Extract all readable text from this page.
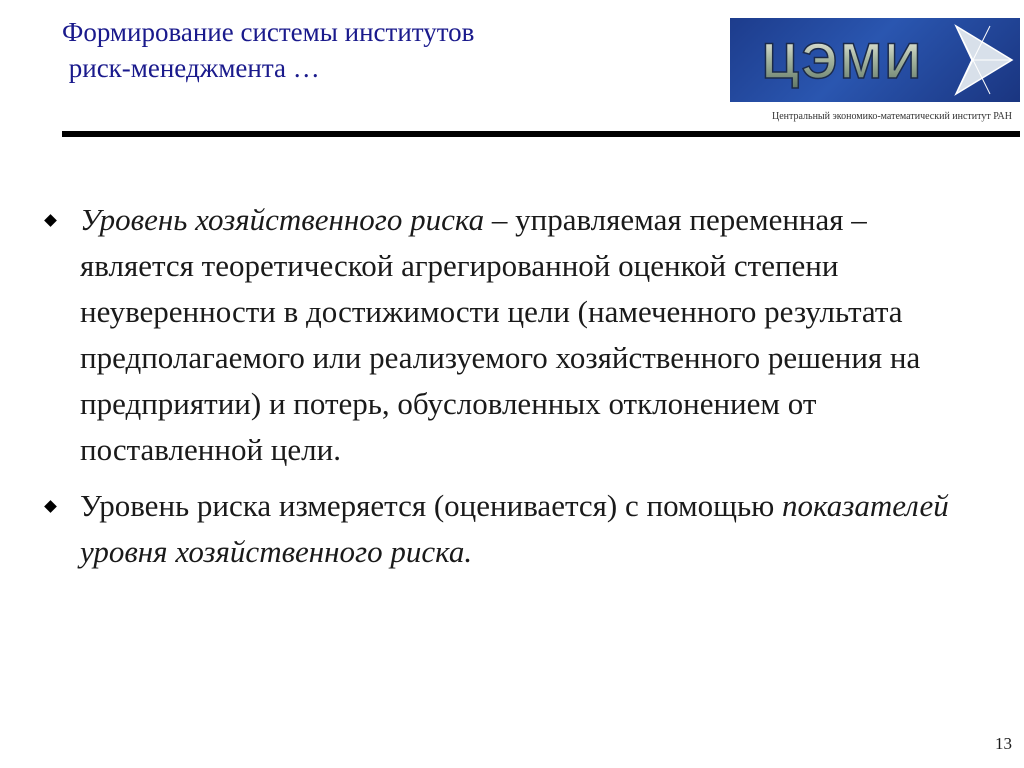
Формирование системы институтов
риск-менеджмента …	ЦЭМИ
Центральный экономико-математический институт РАН
Уровень хозяйственного риска – управляемая переменная – является теоретической агрегированной оценкой степени неуверенности в достижимости цели (намеченного результата предполагаемого или реализуемого хозяйственного решения на предприятии) и потерь, обусловленных отклонением от поставленной цели.
Уровень риска измеряется (оценивается) с помощью показателей уровня хозяйственного риска.
13
